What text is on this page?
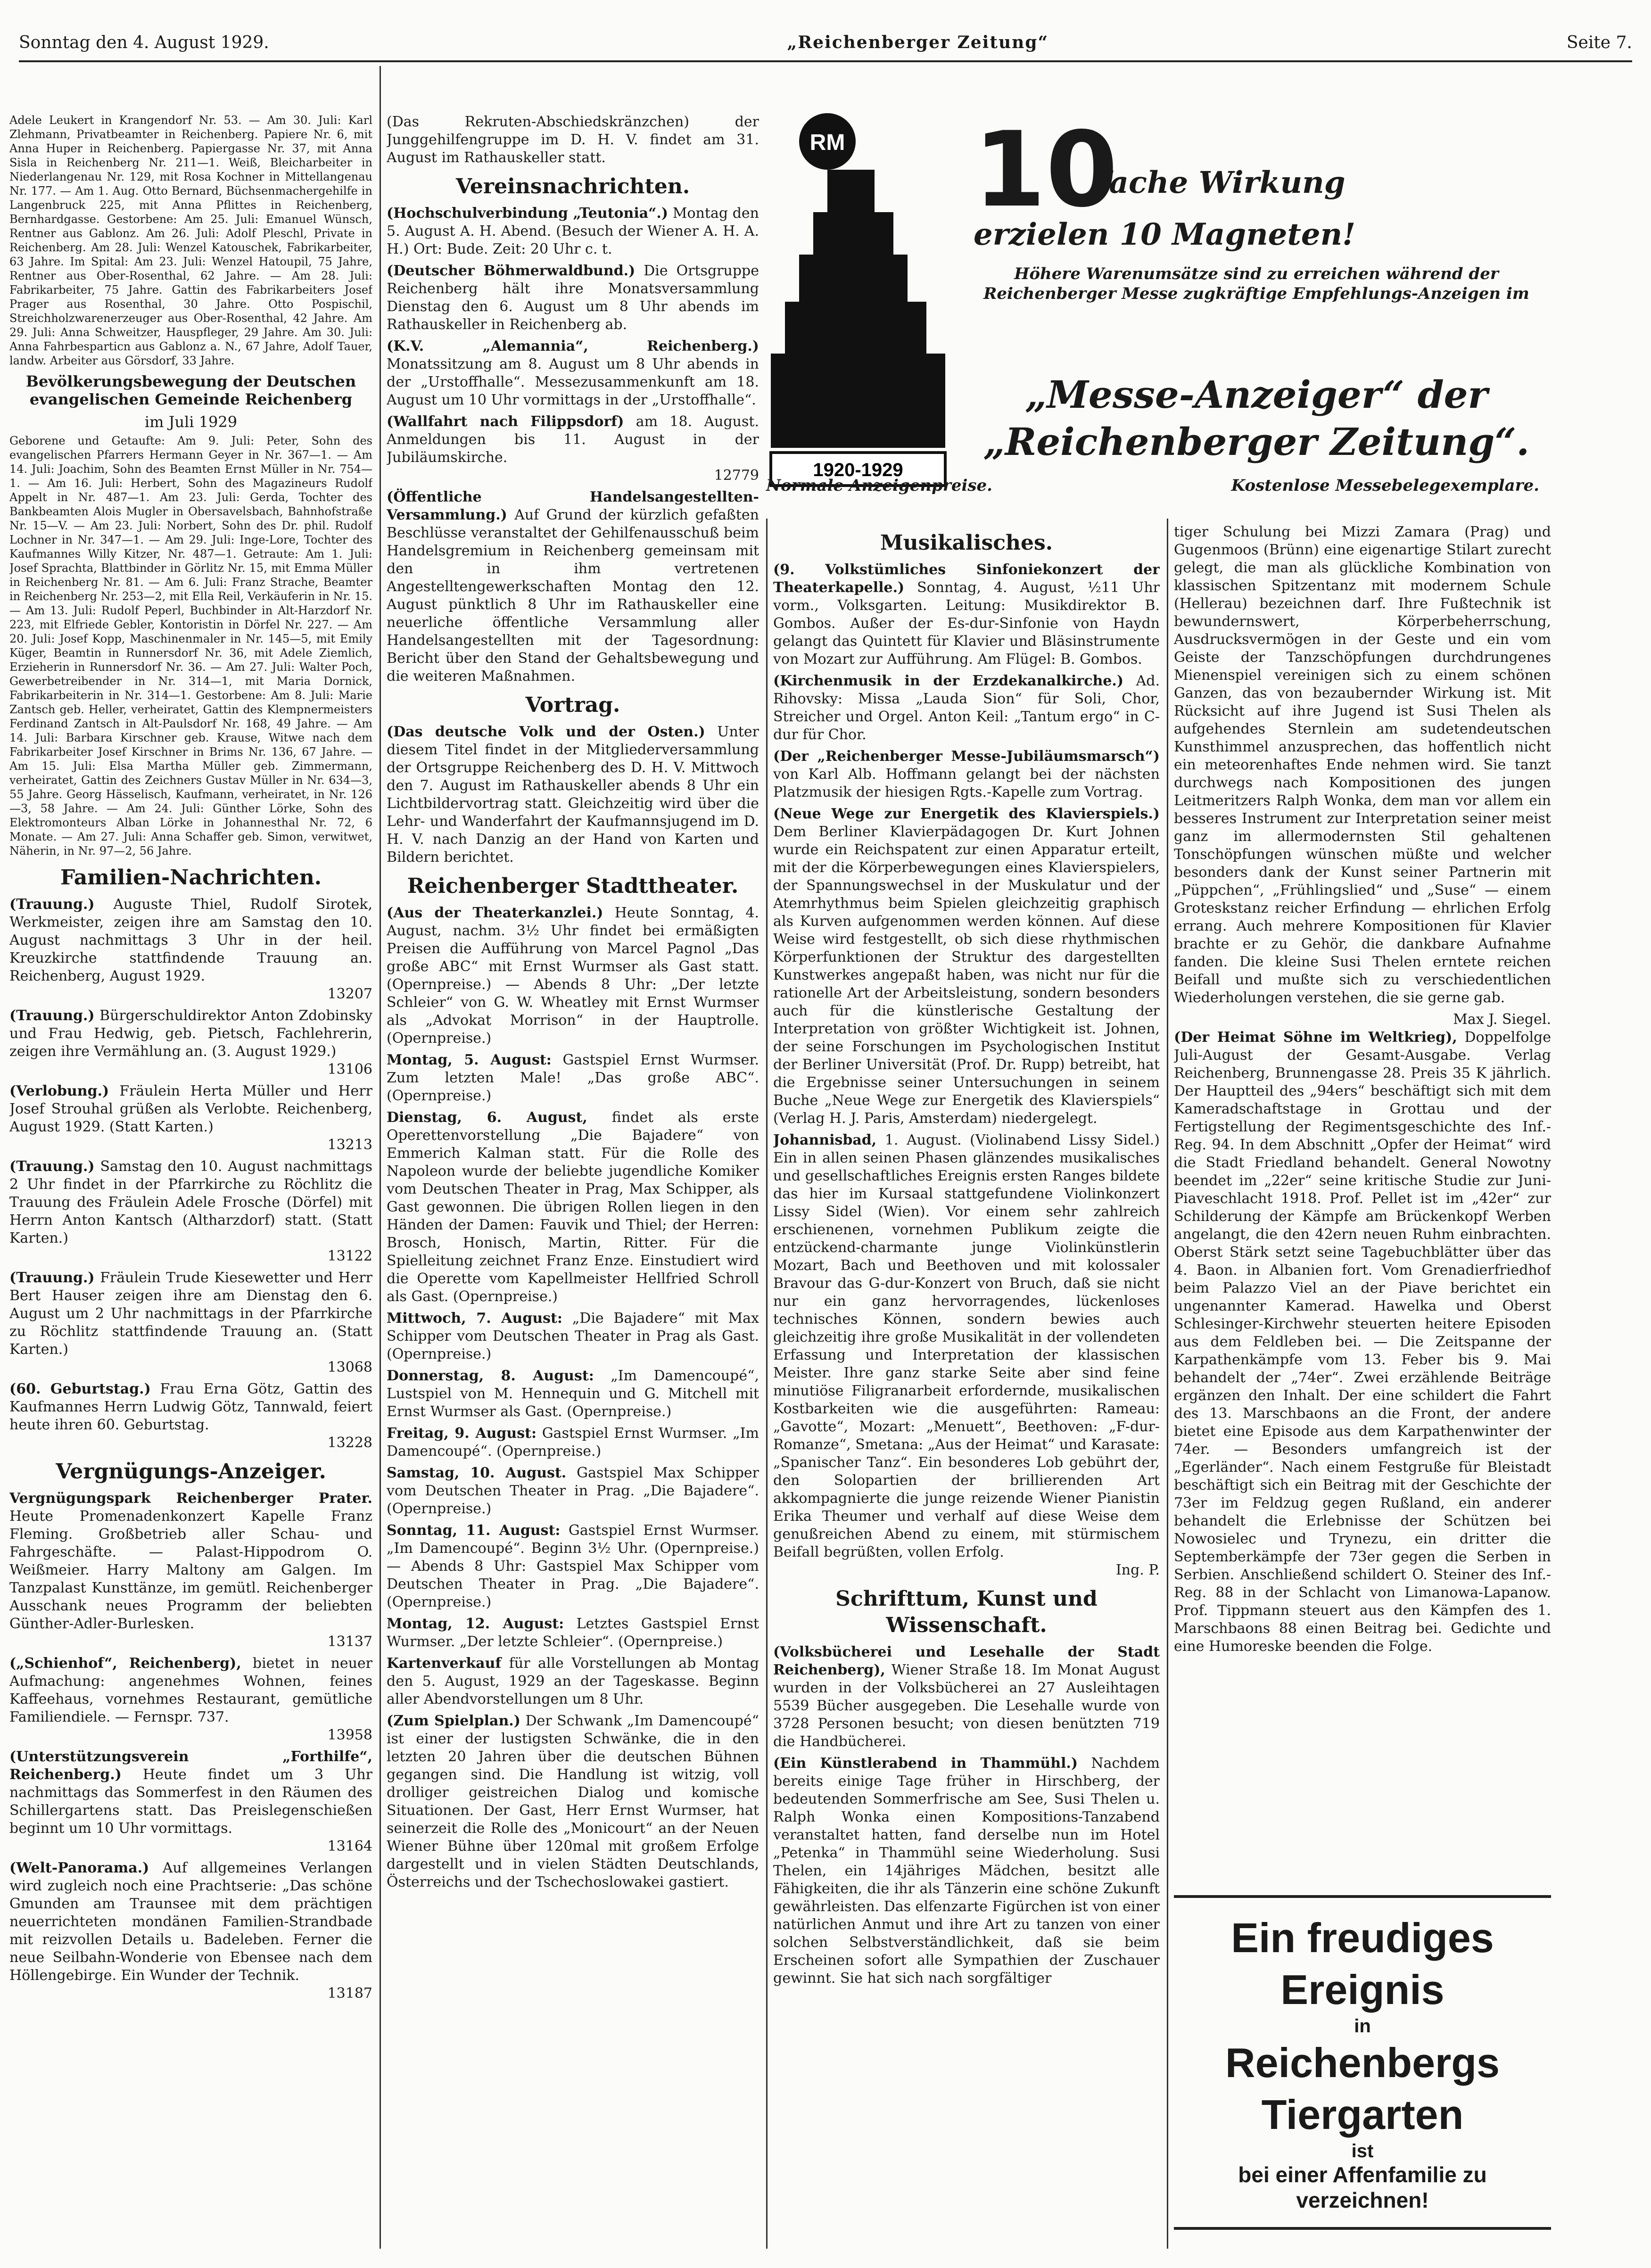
Sonntag den 4. August 1929.	„Reichenberger Zeitung“	Seite 7.

Adele Leukert in Krangendorf Nr. 53. — Am 30. Juli: Karl Zlehmann, Privatbeamter in Reichenberg. Papiere Nr. 6, mit Anna Huper in Reichenberg. Papiergasse Nr. 37, mit Anna Sisla in Reichenberg Nr. 211—1. Weiß, Bleicharbeiter in Niederlangenau Nr. 129, mit Rosa Kochner in Mittellangenau Nr. 177. — Am 1. Aug. Otto Bernard, Büchsenmachergehilfe in Langenbruck 225, mit Anna Pflittes in Reichenberg, Bernhardgasse. Gestorbene: Am 25. Juli: Emanuel Wünsch, Rentner aus Gablonz. Am 26. Juli: Adolf Pleschl, Private in Reichenberg. Am 28. Juli: Wenzel Katouschek, Fabrikarbeiter, 63 Jahre. Im Spital: Am 23. Juli: Wenzel Hatoupil, 75 Jahre, Rentner aus Ober-Rosenthal, 62 Jahre. — Am 28. Juli: Fabrikarbeiter, 75 Jahre. Gattin des Fabrikarbeiters Josef Prager aus Rosenthal, 30 Jahre. Otto Pospischil, Streichholzwarenerzeuger aus Ober-Rosenthal, 42 Jahre. Am 29. Juli: Anna Schweitzer, Hauspfleger, 29 Jahre. Am 30. Juli: Anna Fahrbesparticn aus Gablonz a. N., 67 Jahre, Adolf Tauer, landw. Arbeiter aus Görsdorf, 33 Jahre.

Bevölkerungsbewegung der Deutschen evangelischen Gemeinde Reichenberg
im Juli 1929

Geborene und Getaufte: Am 9. Juli: Peter, Sohn des evangelischen Pfarrers Hermann Geyer in Nr. 367—1. — Am 14. Juli: Joachim, Sohn des Beamten Ernst Müller in Nr. 754—1. — Am 16. Juli: Herbert, Sohn des Magazineurs Rudolf Appelt in Nr. 487—1. Am 23. Juli: Gerda, Tochter des Bankbeamten Alois Mugler in Obersavelsbach, Bahnhofstraße Nr. 15—V. — Am 23. Juli: Norbert, Sohn des Dr. phil. Rudolf Lochner in Nr. 347—1. — Am 29. Juli: Inge-Lore, Tochter des Kaufmannes Willy Kitzer, Nr. 487—1. Getraute: Am 1. Juli: Josef Sprachta, Blattbinder in Görlitz Nr. 15, mit Emma Müller in Reichenberg Nr. 81. — Am 6. Juli: Franz Strache, Beamter in Reichenberg Nr. 253—2, mit Ella Reil, Verkäuferin in Nr. 15. — Am 13. Juli: Rudolf Peperl, Buchbinder in Alt-Harzdorf Nr. 223, mit Elfriede Gebler, Kontoristin in Dörfel Nr. 227. — Am 20. Juli: Josef Kopp, Maschinenmaler in Nr. 145—5, mit Emily Küger, Beamtin in Runnersdorf Nr. 36, mit Adele Ziemlich, Erzieherin in Runnersdorf Nr. 36. — Am 27. Juli: Walter Poch, Gewerbetreibender in Nr. 314—1, mit Maria Dornick, Fabrikarbeiterin in Nr. 314—1. Gestorbene: Am 8. Juli: Marie Zantsch geb. Heller, verheiratet, Gattin des Klempnermeisters Ferdinand Zantsch in Alt-Paulsdorf Nr. 168, 49 Jahre. — Am 14. Juli: Barbara Kirschner geb. Krause, Witwe nach dem Fabrikarbeiter Josef Kirschner in Brims Nr. 136, 67 Jahre. — Am 15. Juli: Elsa Martha Müller geb. Zimmermann, verheiratet, Gattin des Zeichners Gustav Müller in Nr. 634—3, 55 Jahre. Georg Hässelisch, Kaufmann, verheiratet, in Nr. 126—3, 58 Jahre. — Am 24. Juli: Günther Lörke, Sohn des Elektromonteurs Alban Lörke in Johannesthal Nr. 72, 6 Monate. — Am 27. Juli: Anna Schaffer geb. Simon, verwitwet, Näherin, in Nr. 97—2, 56 Jahre.

Familien-Nachrichten.

(Trauung.) Auguste Thiel, Rudolf Sirotek, Werkmeister, zeigen ihre am Samstag den 10. August nachmittags 3 Uhr in der heil. Kreuzkirche stattfindende Trauung an. Reichenberg, August 1929.
13207

(Trauung.) Bürgerschuldirektor Anton Zdobinsky und Frau Hedwig, geb. Pietsch, Fachlehrerin, zeigen ihre Vermählung an. (3. August 1929.)
13106

(Verlobung.) Fräulein Herta Müller und Herr Josef Strouhal grüßen als Verlobte. Reichenberg, August 1929. (Statt Karten.)
13213

(Trauung.) Samstag den 10. August nachmittags 2 Uhr findet in der Pfarrkirche zu Röchlitz die Trauung des Fräulein Adele Frosche (Dörfel) mit Herrn Anton Kantsch (Altharzdorf) statt. (Statt Karten.)
13122

(Trauung.) Fräulein Trude Kiesewetter und Herr Bert Hauser zeigen ihre am Dienstag den 6. August um 2 Uhr nachmittags in der Pfarrkirche zu Röchlitz stattfindende Trauung an. (Statt Karten.)
13068

(60. Geburtstag.) Frau Erna Götz, Gattin des Kaufmannes Herrn Ludwig Götz, Tannwald, feiert heute ihren 60. Geburtstag.
13228

Vergnügungs-Anzeiger.

Vergnügungspark Reichenberger Prater. Heute Promenadenkonzert Kapelle Franz Fleming. Großbetrieb aller Schau- und Fahrgeschäfte. — Palast-Hippodrom O. Weißmeier. Harry Maltony am Galgen. Im Tanzpalast Kunsttänze, im gemütl. Reichenberger Ausschank neues Programm der beliebten Günther-Adler-Burlesken.
13137

(„Schienhof“, Reichenberg), bietet in neuer Aufmachung: angenehmes Wohnen, feines Kaffeehaus, vornehmes Restaurant, gemütliche Familiendiele. — Fernspr. 737.
13958

(Unterstützungsverein „Forthilfe“, Reichenberg.) Heute findet um 3 Uhr nachmittags das Sommerfest in den Räumen des Schillergartens statt. Das Preislegenschießen beginnt um 10 Uhr vormittags.
13164

(Welt-Panorama.) Auf allgemeines Verlangen wird zugleich noch eine Prachtserie: „Das schöne Gmunden am Traunsee mit dem prächtigen neuerrichteten mondänen Familien-Strandbade mit reizvollen Details u. Badeleben. Ferner die neue Seilbahn-Wonderie von Ebensee nach dem Höllengebirge. Ein Wunder der Technik.
13187

(Das Rekruten-Abschiedskränzchen) der Junggehilfengruppe im D. H. V. findet am 31. August im Rathauskeller statt.

Vereinsnachrichten.

(Hochschulverbindung „Teutonia“.) Montag den 5. August A. H. Abend. (Besuch der Wiener A. H. A. H.) Ort: Bude. Zeit: 20 Uhr c. t.

(Deutscher Böhmerwaldbund.) Die Ortsgruppe Reichenberg hält ihre Monatsversammlung Dienstag den 6. August um 8 Uhr abends im Rathauskeller in Reichenberg ab.

(K.V. „Alemannia“, Reichenberg.) Monatssitzung am 8. August um 8 Uhr abends in der „Urstoffhalle“. Messezusammenkunft am 18. August um 10 Uhr vormittags in der „Urstoffhalle“.

(Wallfahrt nach Filippsdorf) am 18. August. Anmeldungen bis 11. August in der Jubiläumskirche.
12779

(Öffentliche Handelsangestellten-Versammlung.) Auf Grund der kürzlich gefaßten Beschlüsse veranstaltet der Gehilfenausschuß beim Handelsgremium in Reichenberg gemeinsam mit den in ihm vertretenen Angestelltengewerkschaften Montag den 12. August pünktlich 8 Uhr im Rathauskeller eine neuerliche öffentliche Versammlung aller Handelsangestellten mit der Tagesordnung: Bericht über den Stand der Gehaltsbewegung und die weiteren Maßnahmen.

Vortrag.

(Das deutsche Volk und der Osten.) Unter diesem Titel findet in der Mitgliederversammlung der Ortsgruppe Reichenberg des D. H. V. Mittwoch den 7. August im Rathauskeller abends 8 Uhr ein Lichtbildervortrag statt. Gleichzeitig wird über die Lehr- und Wanderfahrt der Kaufmannsjugend im D. H. V. nach Danzig an der Hand von Karten und Bildern berichtet.

Reichenberger Stadttheater.

(Aus der Theaterkanzlei.) Heute Sonntag, 4. August, nachm. 3½ Uhr findet bei ermäßigten Preisen die Aufführung von Marcel Pagnol „Das große ABC“ mit Ernst Wurmser als Gast statt. (Opernpreise.) — Abends 8 Uhr: „Der letzte Schleier“ von G. W. Wheatley mit Ernst Wurmser als „Advokat Morrison“ in der Hauptrolle. (Opernpreise.)

Montag, 5. August: Gastspiel Ernst Wurmser. Zum letzten Male! „Das große ABC“. (Opernpreise.)

Dienstag, 6. August, findet als erste Operettenvorstellung „Die Bajadere“ von Emmerich Kalman statt. Für die Rolle des Napoleon wurde der beliebte jugendliche Komiker vom Deutschen Theater in Prag, Max Schipper, als Gast gewonnen. Die übrigen Rollen liegen in den Händen der Damen: Fauvik und Thiel; der Herren: Brosch, Honisch, Martin, Ritter. Für die Spielleitung zeichnet Franz Enze. Einstudiert wird die Operette vom Kapellmeister Hellfried Schroll als Gast. (Opernpreise.)

Mittwoch, 7. August: „Die Bajadere“ mit Max Schipper vom Deutschen Theater in Prag als Gast. (Opernpreise.)

Donnerstag, 8. August: „Im Damencoupé“, Lustspiel von M. Hennequin und G. Mitchell mit Ernst Wurmser als Gast. (Opernpreise.)

Freitag, 9. August: Gastspiel Ernst Wurmser. „Im Damencoupé“. (Opernpreise.)

Samstag, 10. August. Gastspiel Max Schipper vom Deutschen Theater in Prag. „Die Bajadere“. (Opernpreise.)

Sonntag, 11. August: Gastspiel Ernst Wurmser. „Im Damencoupé“. Beginn 3½ Uhr. (Opernpreise.) — Abends 8 Uhr: Gastspiel Max Schipper vom Deutschen Theater in Prag. „Die Bajadere“. (Opernpreise.)

Montag, 12. August: Letztes Gastspiel Ernst Wurmser. „Der letzte Schleier“. (Opernpreise.)

Kartenverkauf für alle Vorstellungen ab Montag den 5. August, 1929 an der Tageskasse. Beginn aller Abendvorstellungen um 8 Uhr.

(Zum Spielplan.) Der Schwank „Im Damencoupé“ ist einer der lustigsten Schwänke, die in den letzten 20 Jahren über die deutschen Bühnen gegangen sind. Die Handlung ist witzig, voll drolliger geistreichen Dialog und komische Situationen. Der Gast, Herr Ernst Wurmser, hat seinerzeit die Rolle des „Monicourt“ an der Neuen Wiener Bühne über 120mal mit großem Erfolge dargestellt und in vielen Städten Deutschlands, Österreichs und der Tschechoslowakei gastiert.

RM
1920-1929
10
fache Wirkung
erzielen 10 Magneten!
Höhere Warenumsätze sind zu erreichen während der Reichenberger Messe zugkräftige Empfehlungs-Anzeigen im
„Messe-Anzeiger“ der
„Reichenberger Zeitung“.
Normale Anzeigenpreise.	Kostenlose Messebelegexemplare.
Musikalisches.

(9. Volkstümliches Sinfoniekonzert der Theaterkapelle.) Sonntag, 4. August, ½11 Uhr vorm., Volksgarten. Leitung: Musikdirektor B. Gombos. Außer der Es-dur-Sinfonie von Haydn gelangt das Quintett für Klavier und Bläsinstrumente von Mozart zur Aufführung. Am Flügel: B. Gombos.

(Kirchenmusik in der Erzdekanalkirche.) Ad. Rihovsky: Missa „Lauda Sion“ für Soli, Chor, Streicher und Orgel. Anton Keil: „Tantum ergo“ in C-dur für Chor.

(Der „Reichenberger Messe-Jubiläumsmarsch“) von Karl Alb. Hoffmann gelangt bei der nächsten Platzmusik der hiesigen Rgts.-Kapelle zum Vortrag.

(Neue Wege zur Energetik des Klavierspiels.) Dem Berliner Klavierpädagogen Dr. Kurt Johnen wurde ein Reichspatent zur einen Apparatur erteilt, mit der die Körperbewegungen eines Klavierspielers, der Spannungswechsel in der Muskulatur und der Atemrhythmus beim Spielen gleichzeitig graphisch als Kurven aufgenommen werden können. Auf diese Weise wird festgestellt, ob sich diese rhythmischen Körperfunktionen der Struktur des dargestellten Kunstwerkes angepaßt haben, was nicht nur für die rationelle Art der Arbeitsleistung, sondern besonders auch für die künstlerische Gestaltung der Interpretation von größter Wichtigkeit ist. Johnen, der seine Forschungen im Psychologischen Institut der Berliner Universität (Prof. Dr. Rupp) betreibt, hat die Ergebnisse seiner Untersuchungen in seinem Buche „Neue Wege zur Energetik des Klavierspiels“ (Verlag H. J. Paris, Amsterdam) niedergelegt.

Johannisbad, 1. August. (Violinabend Lissy Sidel.) Ein in allen seinen Phasen glänzendes musikalisches und gesellschaftliches Ereignis ersten Ranges bildete das hier im Kursaal stattgefundene Violinkonzert Lissy Sidel (Wien). Vor einem sehr zahlreich erschienenen, vornehmen Publikum zeigte die entzückend-charmante junge Violinkünstlerin Mozart, Bach und Beethoven und mit kolossaler Bravour das G-dur-Konzert von Bruch, daß sie nicht nur ein ganz hervorragendes, lückenloses technisches Können, sondern bewies auch gleichzeitig ihre große Musikalität in der vollendeten Erfassung und Interpretation der klassischen Meister. Ihre ganz starke Seite aber sind feine minutiöse Filigranarbeit erfordernde, musikalischen Kostbarkeiten wie die ausgeführten: Rameau: „Gavotte“, Mozart: „Menuett“, Beethoven: „F-dur-Romanze“, Smetana: „Aus der Heimat“ und Karasate: „Spanischer Tanz“. Ein besonderes Lob gebührt der, den Solopartien der brillierenden Art akkompagnierte die junge reizende Wiener Pianistin Erika Theumer und verhalf auf diese Weise dem genußreichen Abend zu einem, mit stürmischem Beifall begrüßten, vollen Erfolg.
Ing. P.

Schrifttum, Kunst und Wissenschaft.

(Volksbücherei und Lesehalle der Stadt Reichenberg), Wiener Straße 18. Im Monat August wurden in der Volksbücherei an 27 Ausleihtagen 5539 Bücher ausgegeben. Die Lesehalle wurde von 3728 Personen besucht; von diesen benützten 719 die Handbücherei.

(Ein Künstlerabend in Thammühl.) Nachdem bereits einige Tage früher in Hirschberg, der bedeutenden Sommerfrische am See, Susi Thelen u. Ralph Wonka einen Kompositions-Tanzabend veranstaltet hatten, fand derselbe nun im Hotel „Petenka“ in Thammühl seine Wiederholung. Susi Thelen, ein 14jähriges Mädchen, besitzt alle Fähigkeiten, die ihr als Tänzerin eine schöne Zukunft gewährleisten. Das elfenzarte Figürchen ist von einer natürlichen Anmut und ihre Art zu tanzen von einer solchen Selbstverständlichkeit, daß sie beim Erscheinen sofort alle Sympathien der Zuschauer gewinnt. Sie hat sich nach sorgfältiger

tiger Schulung bei Mizzi Zamara (Prag) und Gugenmoos (Brünn) eine eigenartige Stilart zurecht gelegt, die man als glückliche Kombination von klassischen Spitzentanz mit modernem Schule (Hellerau) bezeichnen darf. Ihre Fußtechnik ist bewundernswert, Körperbeherrschung, Ausdrucksvermögen in der Geste und ein vom Geiste der Tanzschöpfungen durchdrungenes Mienenspiel vereinigen sich zu einem schönen Ganzen, das von bezaubernder Wirkung ist. Mit Rücksicht auf ihre Jugend ist Susi Thelen als aufgehendes Sternlein am sudetendeutschen Kunsthimmel anzusprechen, das hoffentlich nicht ein meteorenhaftes Ende nehmen wird. Sie tanzt durchwegs nach Kompositionen des jungen Leitmeritzers Ralph Wonka, dem man vor allem ein besseres Instrument zur Interpretation seiner meist ganz im allermodernsten Stil gehaltenen Tonschöpfungen wünschen müßte und welcher besonders dank der Kunst seiner Partnerin mit „Püppchen“, „Frühlingslied“ und „Suse“ — einem Groteskstanz reicher Erfindung — ehrlichen Erfolg errang. Auch mehrere Kompositionen für Klavier brachte er zu Gehör, die dankbare Aufnahme fanden. Die kleine Susi Thelen erntete reichen Beifall und mußte sich zu verschiedentlichen Wiederholungen verstehen, die sie gerne gab.

Max J. Siegel.

(Der Heimat Söhne im Weltkrieg), Doppelfolge Juli-August der Gesamt-Ausgabe. Verlag Reichenberg, Brunnengasse 28. Preis 35 K jährlich. Der Hauptteil des „94ers“ beschäftigt sich mit dem Kameradschaftstage in Grottau und der Fertigstellung der Regimentsgeschichte des Inf.-Reg. 94. In dem Abschnitt „Opfer der Heimat“ wird die Stadt Friedland behandelt. General Nowotny beendet im „22er“ seine kritische Studie zur Juni-Piaveschlacht 1918. Prof. Pellet ist im „42er“ zur Schilderung der Kämpfe am Brückenkopf Werben angelangt, die den 42ern neuen Ruhm einbrachten. Oberst Stärk setzt seine Tagebuchblätter über das 4. Baon. in Albanien fort. Vom Grenadierfriedhof beim Palazzo Viel an der Piave berichtet ein ungenannter Kamerad. Hawelka und Oberst Schlesinger-Kirchwehr steuerten heitere Episoden aus dem Feldleben bei. — Die Zeitspanne der Karpathenkämpfe vom 13. Feber bis 9. Mai behandelt der „74er“. Zwei erzählende Beiträge ergänzen den Inhalt. Der eine schildert die Fahrt des 13. Marschbaons an die Front, der andere bietet eine Episode aus dem Karpathenwinter der 74er. — Besonders umfangreich ist der „Egerländer“. Nach einem Festgruße für Bleistadt beschäftigt sich ein Beitrag mit der Geschichte der 73er im Feldzug gegen Rußland, ein anderer behandelt die Erlebnisse der Schützen bei Nowosielec und Trynezu, ein dritter die Septemberkämpfe der 73er gegen die Serben in Serbien. Anschließend schildert O. Steiner des Inf.-Reg. 88 in der Schlacht von Limanowa-Lapanow. Prof. Tippmann steuert aus den Kämpfen des 1. Marschbaons 88 einen Beitrag bei. Gedichte und eine Humoreske beenden die Folge.

Ein freudiges Ereignis
in
Reichenbergs Tiergarten
ist
bei einer Affenfamilie zu verzeichnen!
